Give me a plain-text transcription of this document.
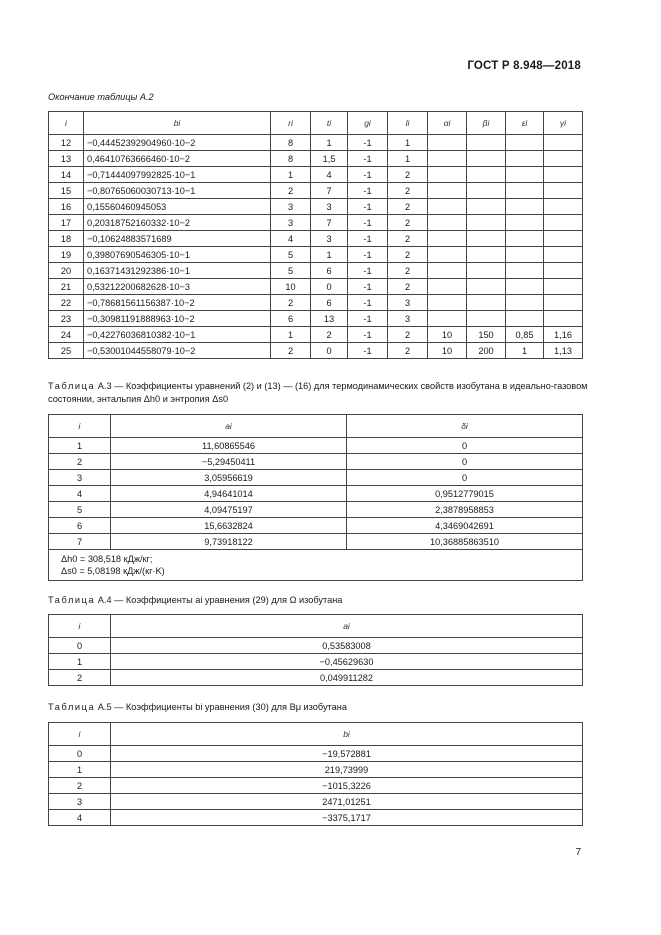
ГОСТ Р 8.948—2018
Окончание таблицы А.2
i	bi	ri	ti	gi	li	αi	βi	εi	γi
12	−0,44452392904960·10−2	8	1	-1	1				
13	0,46410763666460·10−2	8	1,5	-1	1				
14	−0,71444097992825·10−1	1	4	-1	2				
15	−0,80765060030713·10−1	2	7	-1	2				
16	0,15560460945053	3	3	-1	2				
17	0,20318752160332·10−2	3	7	-1	2				
18	−0,10624883571689	4	3	-1	2				
19	0,39807690546305·10−1	5	1	-1	2				
20	0,16371431292386·10−1	5	6	-1	2				
21	0,53212200682628·10−3	10	0	-1	2				
22	−0,78681561156387·10−2	2	6	-1	3				
23	−0,30981191888963·10−2	6	13	-1	3				
24	−0,42276036810382·10−1	1	2	-1	2	10	150	0,85	1,16
25	−0,53001044558079·10−2	2	0	-1	2	10	200	1	1,13
Таблица А.3 — Коэффициенты уравнений (2) и (13) — (16) для термодинамических свойств изобутана в идеально-газовом состоянии, энтальпия Δh0 и энтропия Δs0
i	ai	δi
1	11,60865546	0
2	−5,29450411	0
3	3,05956619	0
4	4,94641014	0,9512779015
5	4,09475197	2,3878958853
6	15,6632824	4,3469042691
7	9,73918122	10,36885863510

Δh0 = 308,518 кДж/кг;
Δs0 = 5,08198 кДж/(кг·K)		
Таблица А.4 — Коэффициенты ai уравнения (29) для Ω изобутана
i	ai
0	0,53583008
1	−0,45629630
2	0,049911282
Таблица А.5 — Коэффициенты bi уравнения (30) для Bμ изобутана
i	bi
0	−19,572881
1	219,73999
2	−1015,3226
3	2471,01251
4	−3375,1717
7
